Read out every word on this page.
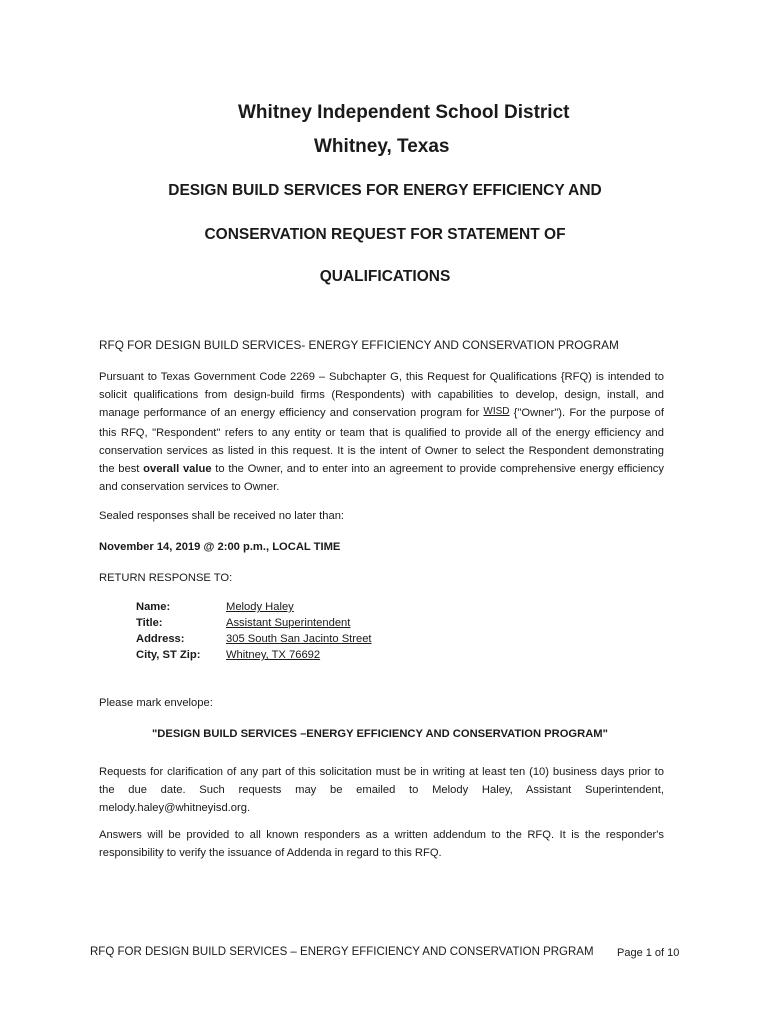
Whitney Independent School District
Whitney, Texas
DESIGN BUILD SERVICES FOR ENERGY EFFICIENCY AND
CONSERVATION REQUEST FOR STATEMENT OF
QUALIFICATIONS
RFQ FOR DESIGN BUILD SERVICES- ENERGY EFFICIENCY AND CONSERVATION PROGRAM

Pursuant to Texas Government Code 2269 – Subchapter G, this Request for Qualifications {RFQ) is intended to solicit qualifications from design-build firms (Respondents) with capabilities to develop, design, install, and manage performance of an energy efficiency and conservation program for WISD {"Owner"). For the purpose of this RFQ, "Respondent" refers to any entity or team that is qualified to provide all of the energy efficiency and conservation services as listed in this request. It is the intent of Owner to select the Respondent demonstrating the best overall value to the Owner, and to enter into an agreement to provide comprehensive energy efficiency and conservation services to Owner.

Sealed responses shall be received no later than:
November 14, 2019 @ 2:00 p.m., LOCAL TIME
RETURN RESPONSE TO:
Name:	Melody Haley
Title:	Assistant Superintendent
Address:	305 South San Jacinto Street
City, ST Zip:	Whitney, TX 76692
Please mark envelope:
"DESIGN BUILD SERVICES –ENERGY EFFICIENCY AND CONSERVATION PROGRAM"

Requests for clarification of any part of this solicitation must be in writing at least ten (10) business days prior to the due date. Such requests may be emailed to Melody Haley, Assistant Superintendent, melody.haley@whitneyisd.org.

Answers will be provided to all known responders as a written addendum to the RFQ. It is the responder's responsibility to verify the issuance of Addenda in regard to this RFQ.

RFQ FOR DESIGN BUILD SERVICES – ENERGY EFFICIENCY AND CONSERVATION PRGRAM Page 1 of 10
